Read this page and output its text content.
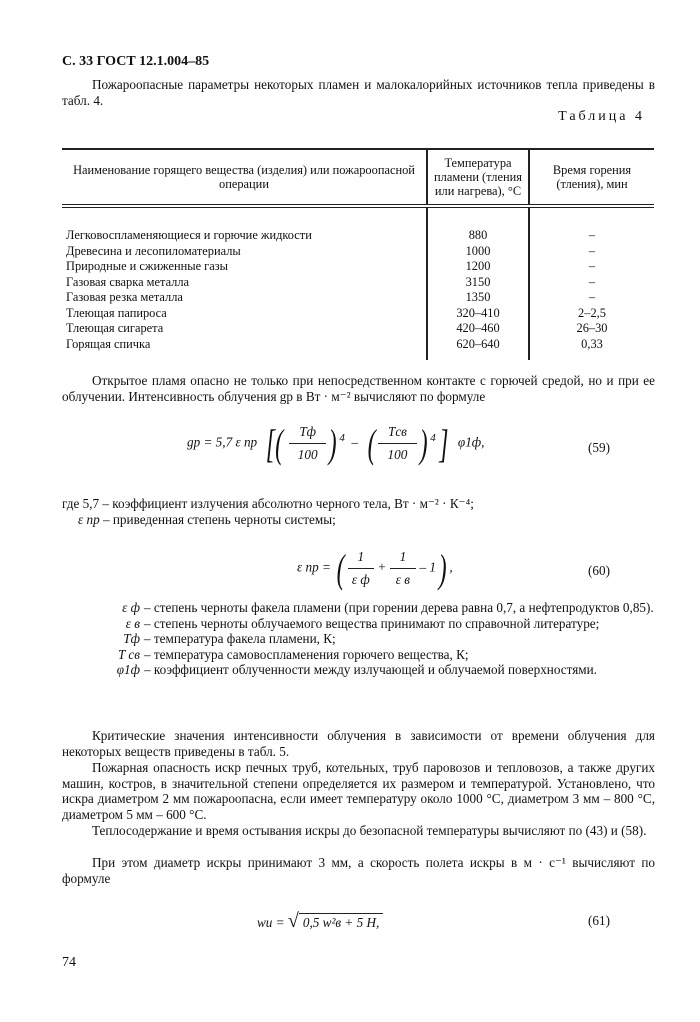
С. 33 ГОСТ 12.1.004–85

Пожароопасные параметры некоторых пламен и малокалорийных источников тепла приведены в табл. 4.

Таблица 4
Наименование горящего вещества (изделия) или пожароопасной операции	Температура пламени (тления или нагрева), °С	Время горения (тления), мин
Легковоспламеняющиеся и горючие жидкости	880	–
Древесина и лесопиломатериалы	1000	–
Природные и сжиженные газы	1200	–
Газовая сварка металла	3150	–
Газовая резка металла	1350	–
Тлеющая папироса	320–410	2–2,5
Тлеющая сигарета	420–460	26–30
Горящая спичка	620–640	0,33

Открытое пламя опасно не только при непосредственном контакте с горючей средой, но и при ее облучении. Интенсивность облучения gр в Вт · м⁻² вычисляют по формуле

gр = 5,7 ε пр [( $\frac{Tф}{100}$ ) $^4$ – ( $\frac{\text{Tсв}}{100}$ ) $^4$] φ1ф,	(59)

где 5,7 – коэффициент излучения абсолютно черного тела, Вт · м⁻² · К⁻⁴;

ε пр – приведенная степень черноты системы;
ε пр = ( $\frac{1}{\text{ε ф}} + \frac{1}{\text{ε в}} - 1$) ,	(60)
ε ф – степень черноты факела пламени (при горении дерева равна 0,7, а нефтепродуктов 0,85).
ε в – степень черноты облучаемого вещества принимают по справочной литературе;
Tф – температура факела пламени, К;
T св – температура самовоспламенения горючего вещества, К;
φ1ф – коэффициент облученности между излучающей и облучаемой поверхностями.

Критические значения интенсивности облучения в зависимости от времени облучения для некоторых веществ приведены в табл. 5.

Пожарная опасность искр печных труб, котельных, труб паровозов и тепловозов, а также других машин, костров, в значительной степени определяется их размером и температурой. Установлено, что искра диаметром 2 мм пожароопасна, если имеет температуру около 1000 °С, диаметром 3 мм – 800 °С, диаметром 5 мм – 600 °С.

Теплосодержание и время остывания искры до безопасной температуры вычисляют по (43) и (58).

При этом диаметр искры принимают 3 мм, а скорость полета искры в м · с⁻¹ вычисляют по формуле

wи = √ 0,5 w²в + 5 H,	(61)
74
